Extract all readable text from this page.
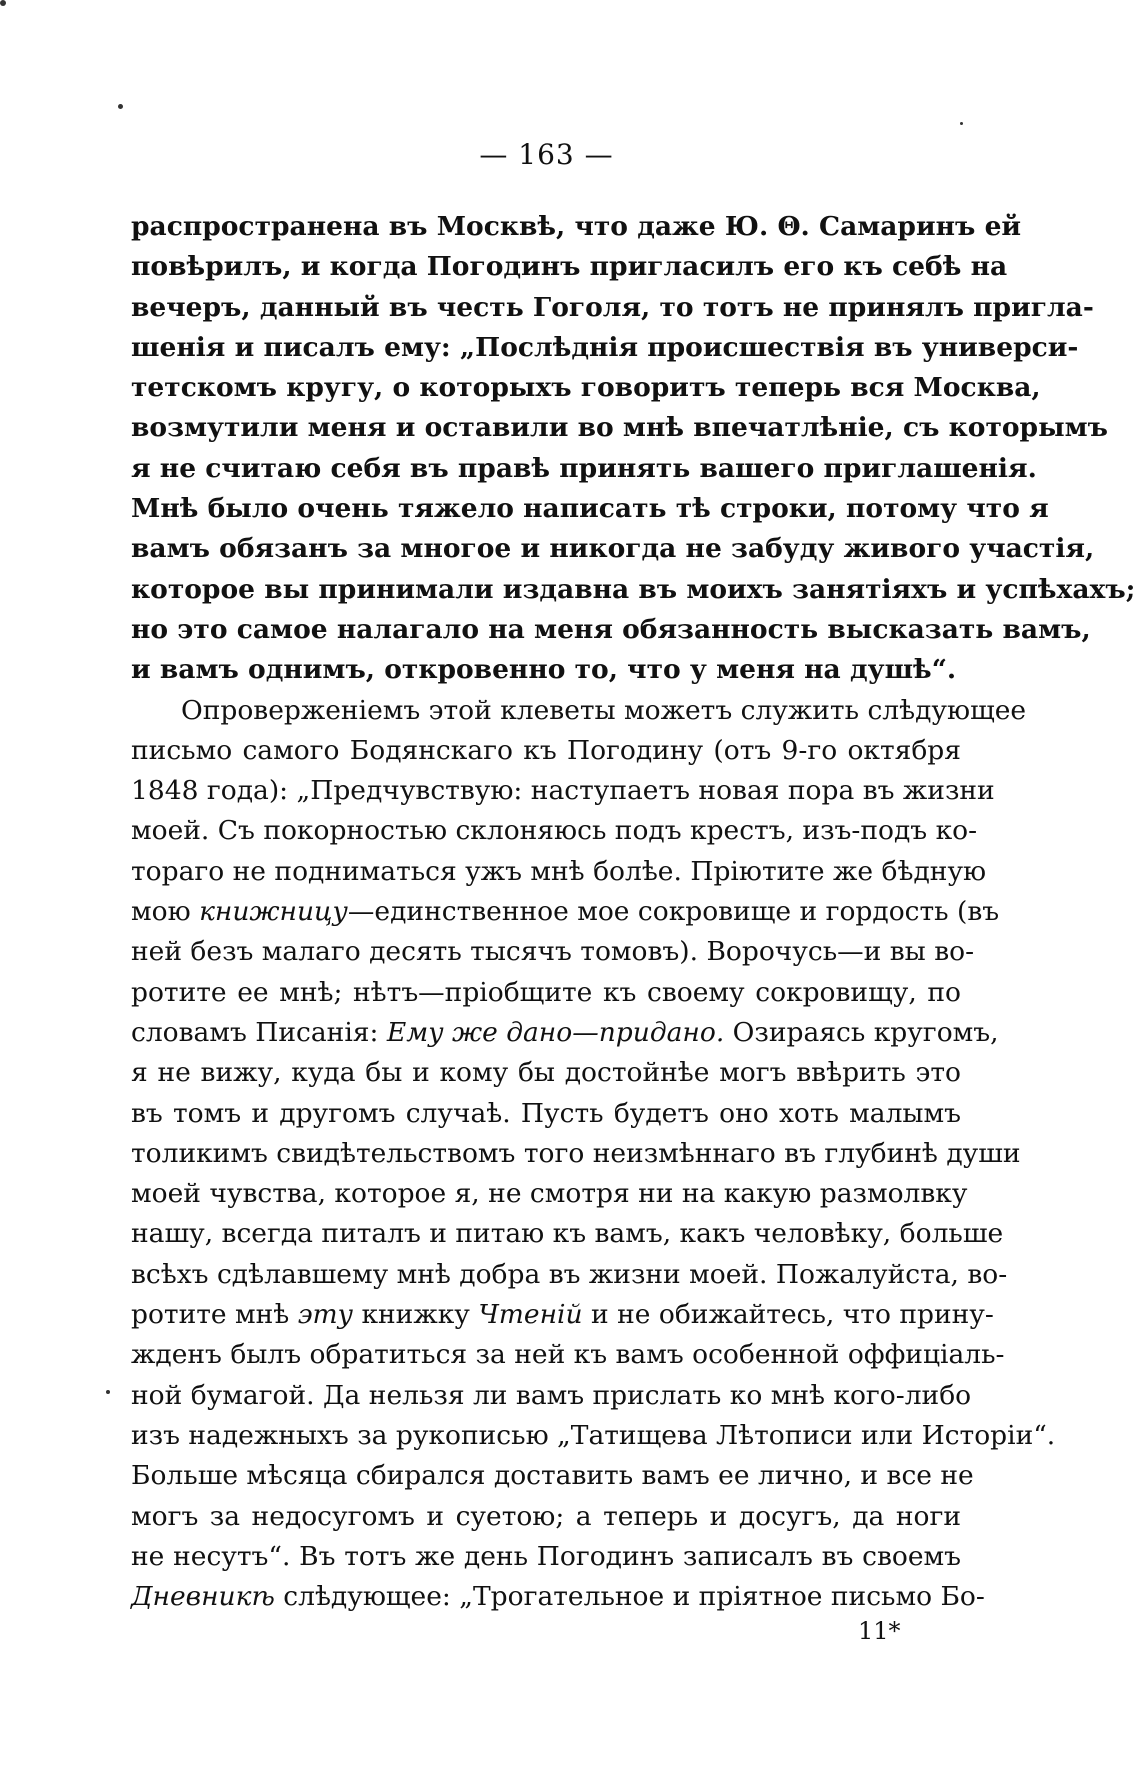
— 163 —
распространена въ Москвѣ, что даже Ю. Θ. Самаринъ ей
повѣрилъ, и когда Погодинъ пригласилъ его къ себѣ на
вечеръ, данный въ честь Гоголя, то тотъ не принялъ пригла-
шенія и писалъ ему: „Послѣднія происшествія въ универси-
тетскомъ кругу, о которыхъ говоритъ теперь вся Москва,
возмутили меня и оставили во мнѣ впечатлѣніе, съ которымъ
я не считаю себя въ правѣ принять вашего приглашенія.
Мнѣ было очень тяжело написать тѣ строки, потому что я
вамъ обязанъ за многое и никогда не забуду живого участія,
которое вы принимали издавна въ моихъ занятіяхъ и успѣхахъ;
но это самое налагало на меня обязанность высказать вамъ,
и вамъ однимъ, откровенно то, что у меня на душѣ“.
Опроверженіемъ этой клеветы можетъ служить слѣдующее
письмо самого Бодянскаго къ Погодину (отъ 9-го октября
1848 года): „Предчувствую: наступаетъ новая пора въ жизни
моей. Съ покорностью склоняюсь подъ крестъ, изъ-подъ ко-
тораго не подниматься ужъ мнѣ болѣе. Пріютите же бѣдную
мою книжницу—единственное мое сокровище и гордость (въ
ней безъ малаго десять тысячъ томовъ). Ворочусь—и вы во-
ротите ее мнѣ; нѣтъ—пріобщите къ своему сокровищу, по
словамъ Писанія: Ему же дано—придано. Озираясь кругомъ,
я не вижу, куда бы и кому бы достойнѣе могъ ввѣрить это
въ томъ и другомъ случаѣ. Пусть будетъ оно хоть малымъ
толикимъ свидѣтельствомъ того неизмѣннаго въ глубинѣ души
моей чувства, которое я, не смотря ни на какую размолвку
нашу, всегда питалъ и питаю къ вамъ, какъ человѣку, больше
всѣхъ сдѣлавшему мнѣ добра въ жизни моей. Пожалуйста, во-
ротите мнѣ эту книжку Чтеній и не обижайтесь, что прину-
жденъ былъ обратиться за ней къ вамъ особенной оффиціаль-
ной бумагой. Да нельзя ли вамъ прислать ко мнѣ кого-либо
изъ надежныхъ за рукописью „Татищева Лѣтописи или Исторіи“.
Больше мѣсяца сбирался доставить вамъ ее лично, и все не
могъ за недосугомъ и суетою; а теперь и досугъ, да ноги
не несутъ“. Въ тотъ же день Погодинъ записалъ въ своемъ
Дневникѣ слѣдующее: „Трогательное и пріятное письмо Бо-
11*
